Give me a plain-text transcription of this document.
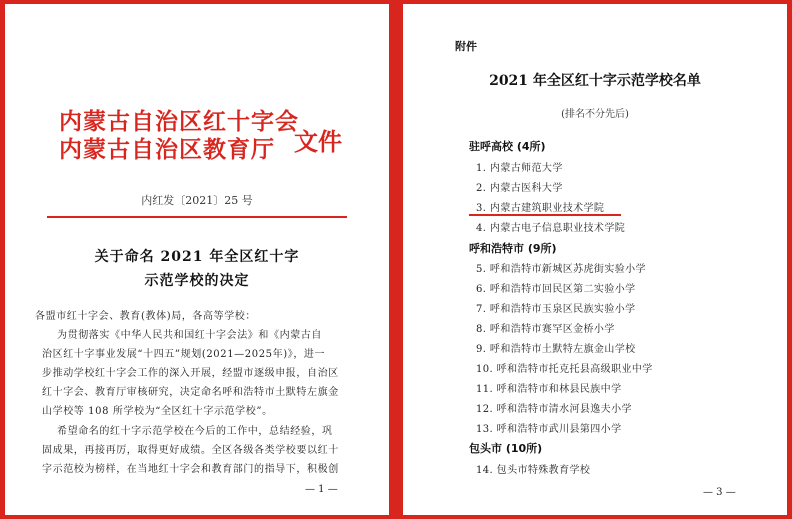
内蒙古自治区红十字会
内蒙古自治区教育厅 文件
内红发〔2021〕25 号
关于命名 2021 年全区红十字
示范学校的决定
各盟市红十字会、教育(教体)局，各高等学校：
为贯彻落实《中华人民共和国红十字会法》和《内蒙古自
治区红十字事业发展“十四五”规划(2021—2025年)》，进一
步推动学校红十字会工作的深入开展，经盟市逐级申报，自治区
红十字会、教育厅审核研究，决定命名呼和浩特市土默特左旗金
山学校等 108 所学校为“全区红十字示范学校”。
希望命名的红十字示范学校在今后的工作中，总结经验，巩
固成果，再接再厉，取得更好成绩。全区各级各类学校要以红十
字示范校为榜样，在当地红十字会和教育部门的指导下，积极创
— 1 —
附件
2021 年全区红十字示范学校名单
(排名不分先后)
驻呼高校 (4所)
1. 内蒙古师范大学
2. 内蒙古医科大学
3. 内蒙古建筑职业技术学院
4. 内蒙古电子信息职业技术学院
呼和浩特市 (9所)
5. 呼和浩特市新城区苏虎街实验小学
6. 呼和浩特市回民区第二实验小学
7. 呼和浩特市玉泉区民族实验小学
8. 呼和浩特市赛罕区金桥小学
9. 呼和浩特市土默特左旗金山学校
10. 呼和浩特市托克托县高级职业中学
11. 呼和浩特市和林县民族中学
12. 呼和浩特市清水河县逸夫小学
13. 呼和浩特市武川县第四小学
包头市 (10所)
14. 包头市特殊教育学校
— 3 —
